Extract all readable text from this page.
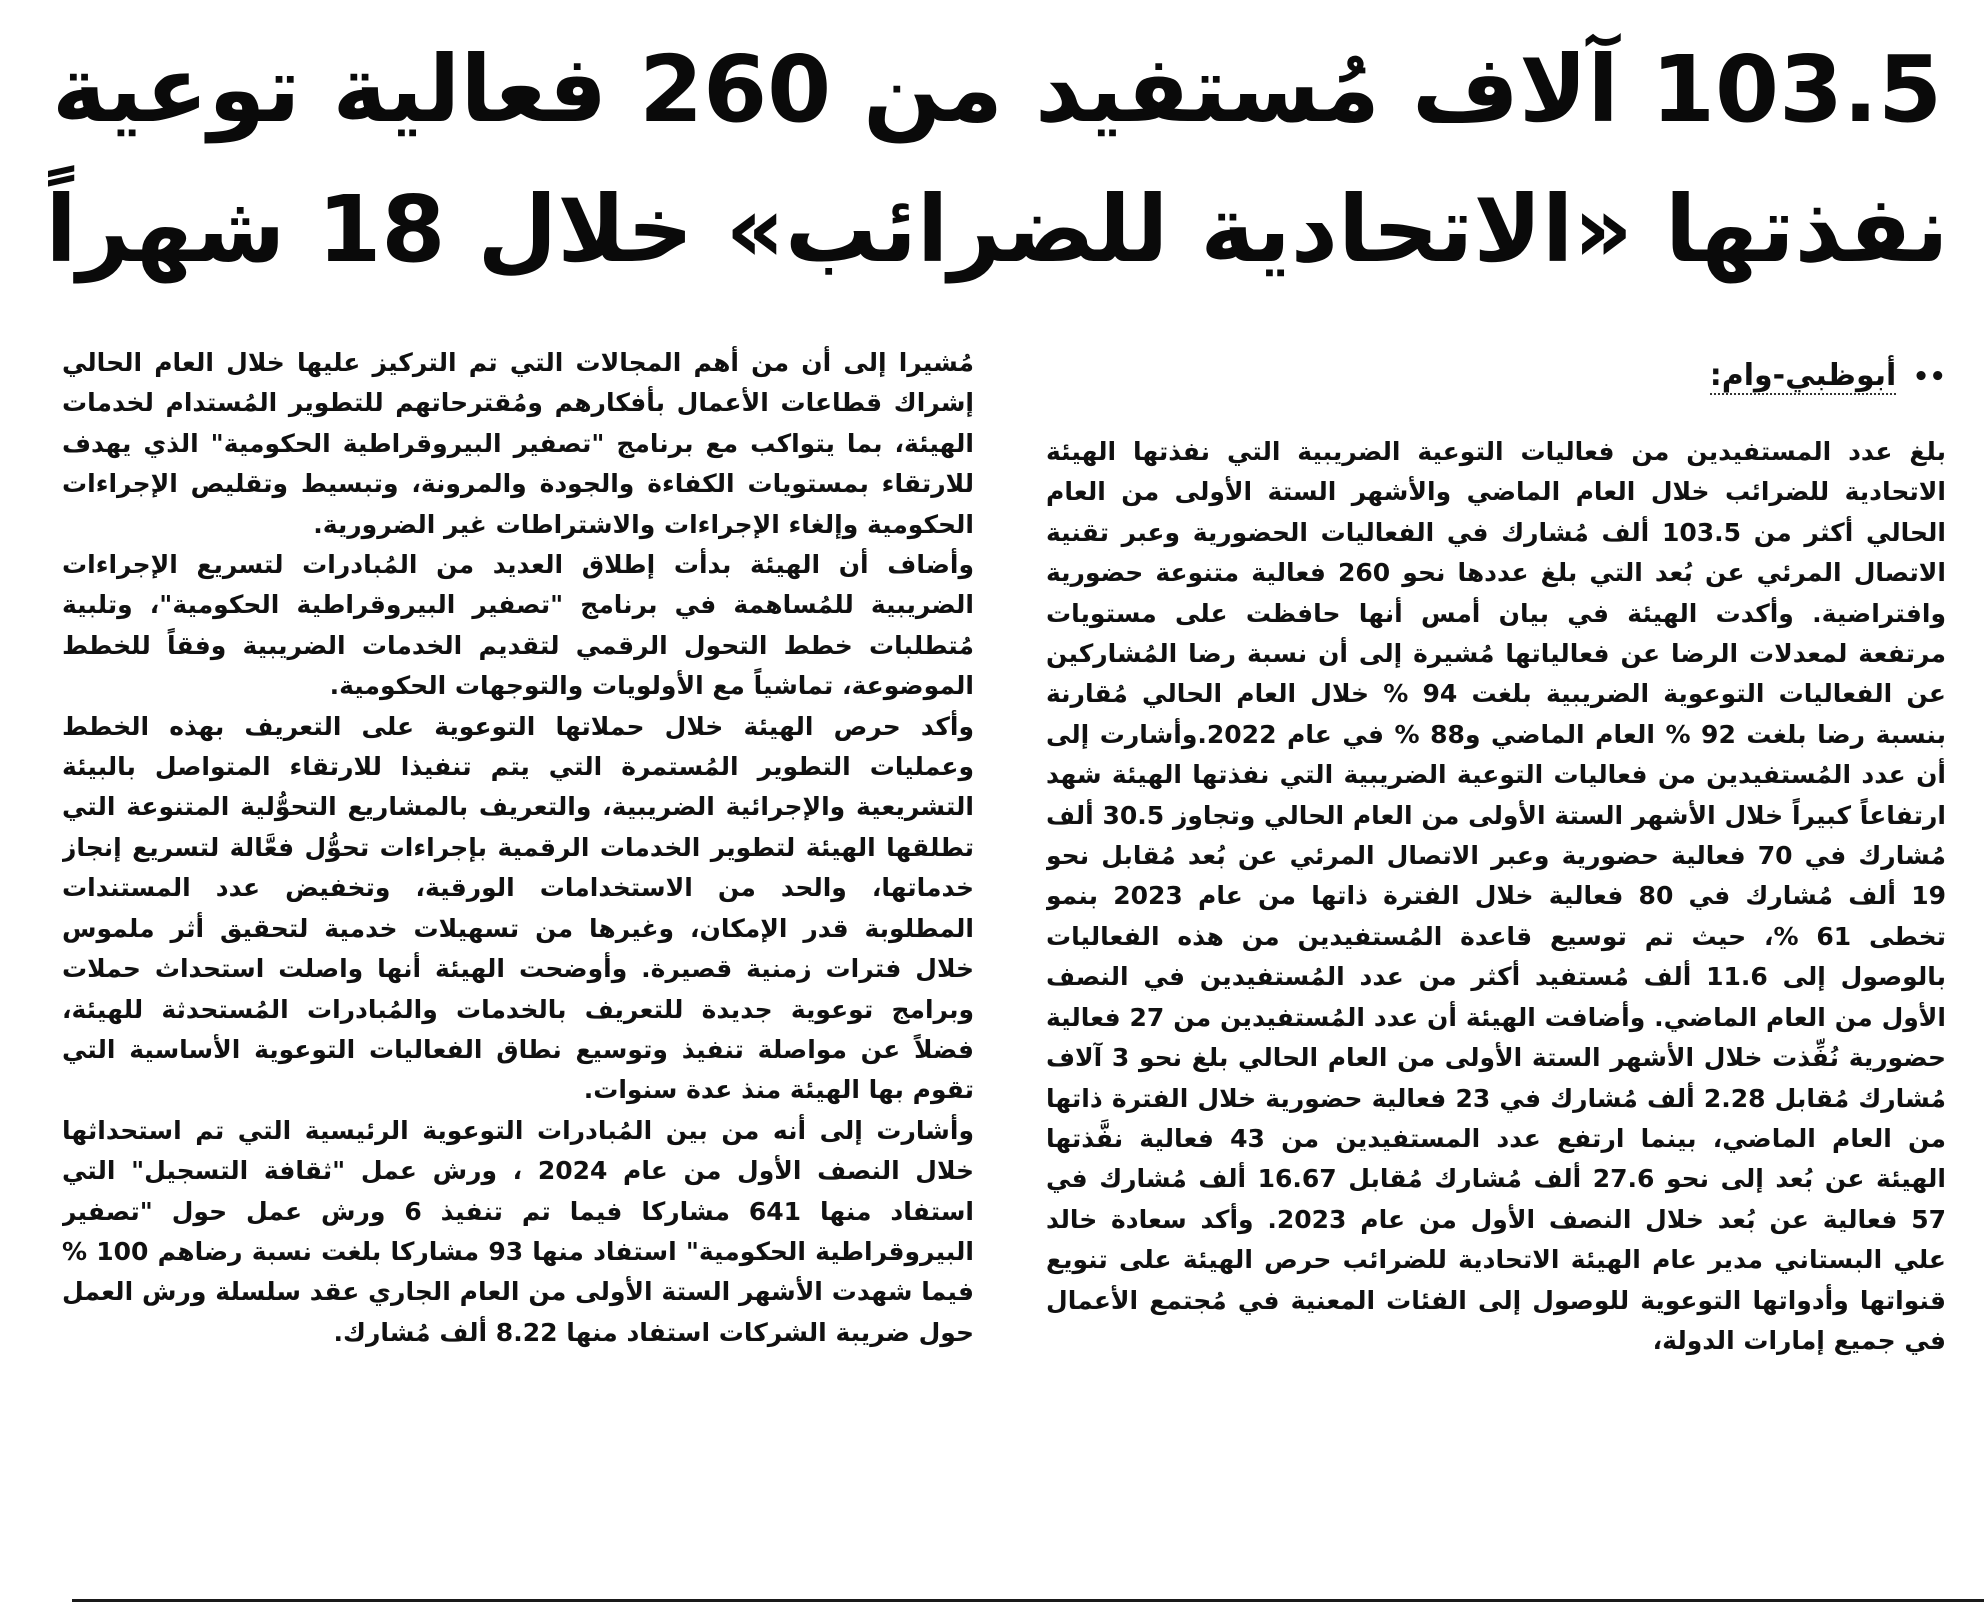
103.5 آلاف مُستفيد من 260 فعالية توعية
نفذتها «الاتحادية للضرائب» خلال 18 شهراً
•• أبوظبي-وام:

بلغ عدد المستفيدين من فعاليات التوعية الضريبية التي نفذتها الهيئة الاتحادية للضرائب خلال العام الماضي والأشهر الستة الأولى من العام الحالي أكثر من 103.5 ألف مُشارك في الفعاليات الحضورية وعبر تقنية الاتصال المرئي عن بُعد التي بلغ عددها نحو 260 فعالية متنوعة حضورية وافتراضية. وأكدت الهيئة في بيان أمس أنها حافظت على مستويات مرتفعة لمعدلات الرضا عن فعالياتها مُشيرة إلى أن نسبة رضا المُشاركين عن الفعاليات التوعوية الضريبية بلغت 94 % خلال العام الحالي مُقارنة بنسبة رضا بلغت 92 % العام الماضي و88 % في عام 2022.وأشارت إلى أن عدد المُستفيدين من فعاليات التوعية الضريبية التي نفذتها الهيئة شهد ارتفاعاً كبيراً خلال الأشهر الستة الأولى من العام الحالي وتجاوز 30.5 ألف مُشارك في 70 فعالية حضورية وعبر الاتصال المرئي عن بُعد مُقابل نحو 19 ألف مُشارك في 80 فعالية خلال الفترة ذاتها من عام 2023 بنمو تخطى 61 %، حيث تم توسيع قاعدة المُستفيدين من هذه الفعاليات بالوصول إلى 11.6 ألف مُستفيد أكثر من عدد المُستفيدين في النصف الأول من العام الماضي. وأضافت الهيئة أن عدد المُستفيدين من 27 فعالية حضورية نُفِّذت خلال الأشهر الستة الأولى من العام الحالي بلغ نحو 3 آلاف مُشارك مُقابل 2.28 ألف مُشارك في 23 فعالية حضورية خلال الفترة ذاتها من العام الماضي، بينما ارتفع عدد المستفيدين من 43 فعالية نفَّذتها الهيئة عن بُعد إلى نحو 27.6 ألف مُشارك مُقابل 16.67 ألف مُشارك في 57 فعالية عن بُعد خلال النصف الأول من عام 2023. وأكد سعادة خالد علي البستاني مدير عام الهيئة الاتحادية للضرائب حرص الهيئة على تنويع قنواتها وأدواتها التوعوية للوصول إلى الفئات المعنية في مُجتمع الأعمال في جميع إمارات الدولة،

مُشيرا إلى أن من أهم المجالات التي تم التركيز عليها خلال العام الحالي إشراك قطاعات الأعمال بأفكارهم ومُقترحاتهم للتطوير المُستدام لخدمات الهيئة، بما يتواكب مع برنامج "تصفير البيروقراطية الحكومية" الذي يهدف للارتقاء بمستويات الكفاءة والجودة والمرونة، وتبسيط وتقليص الإجراءات الحكومية وإلغاء الإجراءات والاشتراطات غير الضرورية.

وأضاف أن الهيئة بدأت إطلاق العديد من المُبادرات لتسريع الإجراءات الضريبية للمُساهمة في برنامج "تصفير البيروقراطية الحكومية"، وتلبية مُتطلبات خطط التحول الرقمي لتقديم الخدمات الضريبية وفقاً للخطط الموضوعة، تماشياً مع الأولويات والتوجهات الحكومية.

وأكد حرص الهيئة خلال حملاتها التوعوية على التعريف بهذه الخطط وعمليات التطوير المُستمرة التي يتم تنفيذا للارتقاء المتواصل بالبيئة التشريعية والإجرائية الضريبية، والتعريف بالمشاريع التحوُّلية المتنوعة التي تطلقها الهيئة لتطوير الخدمات الرقمية بإجراءات تحوُّل فعَّالة لتسريع إنجاز خدماتها، والحد من الاستخدامات الورقية، وتخفيض عدد المستندات المطلوبة قدر الإمكان، وغيرها من تسهيلات خدمية لتحقيق أثر ملموس خلال فترات زمنية قصيرة. وأوضحت الهيئة أنها واصلت استحداث حملات وبرامج توعوية جديدة للتعريف بالخدمات والمُبادرات المُستحدثة للهيئة، فضلاً عن مواصلة تنفيذ وتوسيع نطاق الفعاليات التوعوية الأساسية التي تقوم بها الهيئة منذ عدة سنوات.

وأشارت إلى أنه من بين المُبادرات التوعوية الرئيسية التي تم استحداثها خلال النصف الأول من عام 2024 ، ورش عمل "ثقافة التسجيل" التي استفاد منها 641 مشاركا فيما تم تنفيذ 6 ورش عمل حول "تصفير البيروقراطية الحكومية" استفاد منها 93 مشاركا بلغت نسبة رضاهم 100 % فيما شهدت الأشهر الستة الأولى من العام الجاري عقد سلسلة ورش العمل حول ضريبة الشركات استفاد منها 8.22 ألف مُشارك.
